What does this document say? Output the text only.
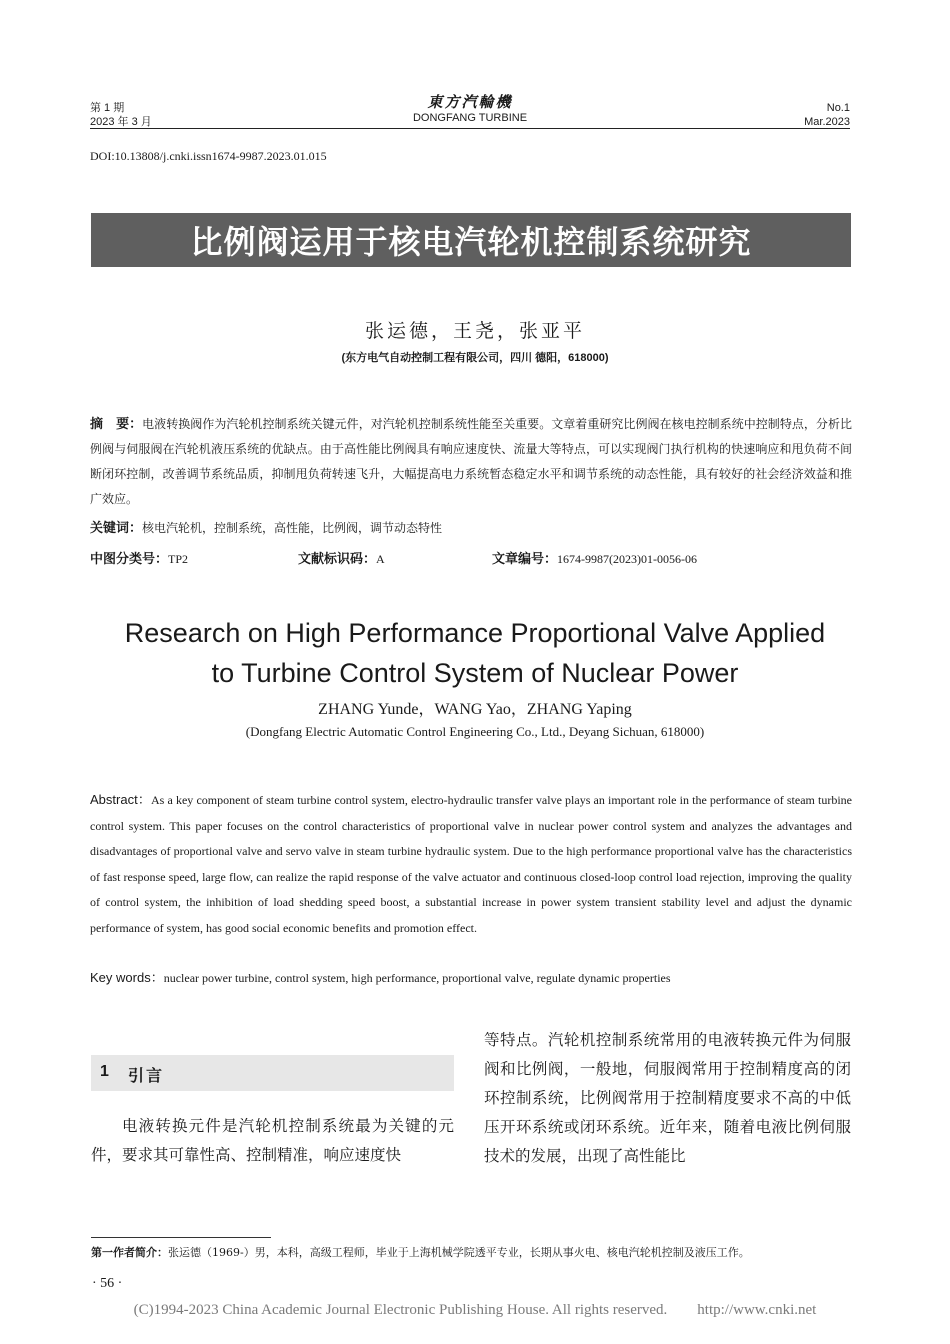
第 1 期
2023 年 3 月
東方汽輪機
DONGFANG TURBINE
No.1
Mar.2023
DOI:10.13808/j.cnki.issn1674-9987.2023.01.015
比例阀运用于核电汽轮机控制系统研究
张运德，王尧，张亚平
(东方电气自动控制工程有限公司，四川 德阳，618000)
摘　要：电液转换阀作为汽轮机控制系统关键元件，对汽轮机控制系统性能至关重要。文章着重研究比例阀在核电控制系统中控制特点，分析比例阀与伺服阀在汽轮机液压系统的优缺点。由于高性能比例阀具有响应速度快、流量大等特点，可以实现阀门执行机构的快速响应和甩负荷不间断闭环控制，改善调节系统品质，抑制甩负荷转速飞升，大幅提高电力系统暂态稳定水平和调节系统的动态性能，具有较好的社会经济效益和推广效应。
关键词：核电汽轮机，控制系统，高性能，比例阀，调节动态特性
中图分类号：TP2	文献标识码：A	文章编号：1674-9987(2023)01-0056-06
Research on High Performance Proportional Valve Applied
to Turbine Control System of Nuclear Power
ZHANG Yunde，WANG Yao，ZHANG Yaping
(Dongfang Electric Automatic Control Engineering Co., Ltd., Deyang Sichuan, 618000)
Abstract：As a key component of steam turbine control system, electro-hydraulic transfer valve plays an important role in the performance of steam turbine control system. This paper focuses on the control characteristics of proportional valve in nuclear power control system and analyzes the advantages and disadvantages of proportional valve and servo valve in steam turbine hydraulic system. Due to the high performance proportional valve has the characteristics of fast response speed, large flow, can realize the rapid response of the valve actuator and continuous closed-loop control load rejection, improving the quality of control system, the inhibition of load shedding speed boost, a substantial increase in power system transient stability level and adjust the dynamic performance of system, has good social economic benefits and promotion effect.
Key words：nuclear power turbine, control system, high performance, proportional valve, regulate dynamic properties
1 引言
电液转换元件是汽轮机控制系统最为关键的元件，要求其可靠性高、控制精准，响应速度快
等特点。汽轮机控制系统常用的电液转换元件为伺服阀和比例阀，一般地，伺服阀常用于控制精度高的闭环控制系统，比例阀常用于控制精度要求不高的中低压开环系统或闭环系统。近年来，随着电液比例伺服技术的发展，出现了高性能比
第一作者简介：张运德（1969-）男，本科，高级工程师，毕业于上海机械学院透平专业，长期从事火电、核电汽轮机控制及液压工作。
· 56 ·
(C)1994-2023 China Academic Journal Electronic Publishing House. All rights reserved.　　http://www.cnki.net
